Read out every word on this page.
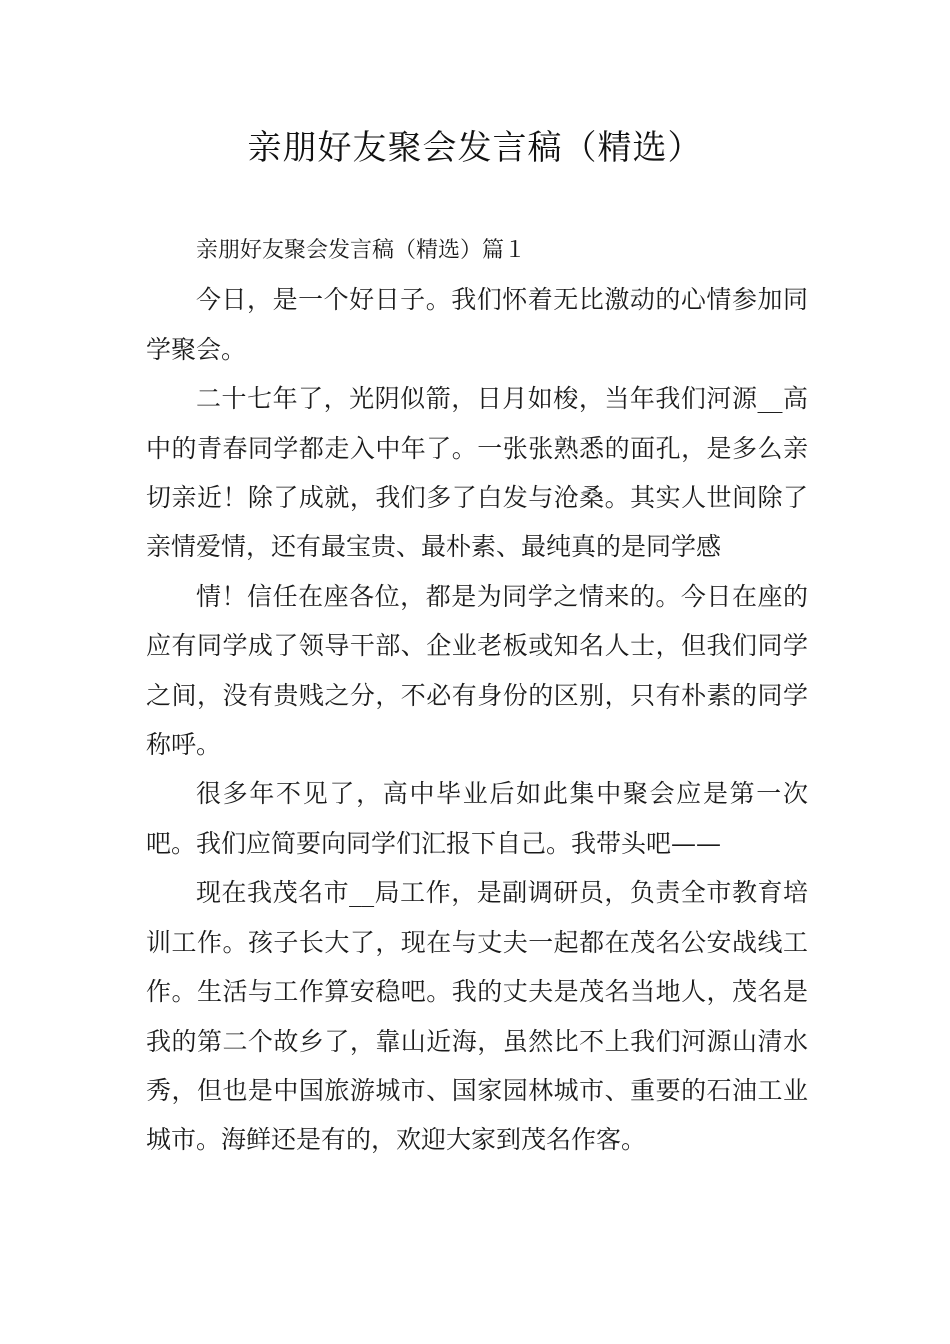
亲朋好友聚会发言稿（精选）

亲朋好友聚会发言稿（精选）篇１

今日，是一个好日子。我们怀着无比激动的心情参加同学聚会。

二十七年了，光阴似箭，日月如梭，当年我们河源__高中的青春同学都走入中年了。一张张熟悉的面孔，是多么亲切亲近！除了成就，我们多了白发与沧桑。其实人世间除了亲情爱情，还有最宝贵、最朴素、最纯真的是同学感

情！信任在座各位，都是为同学之情来的。今日在座的应有同学成了领导干部、企业老板或知名人士，但我们同学之间，没有贵贱之分，不必有身份的区别，只有朴素的同学称呼。

很多年不见了，高中毕业后如此集中聚会应是第一次吧。我们应简要向同学们汇报下自己。我带头吧——

现在我茂名市__局工作，是副调研员，负责全市教育培训工作。孩子长大了，现在与丈夫一起都在茂名公安战线工作。生活与工作算安稳吧。我的丈夫是茂名当地人，茂名是我的第二个故乡了，靠山近海，虽然比不上我们河源山清水秀，但也是中国旅游城市、国家园林城市、重要的石油工业城市。海鲜还是有的，欢迎大家到茂名作客。
